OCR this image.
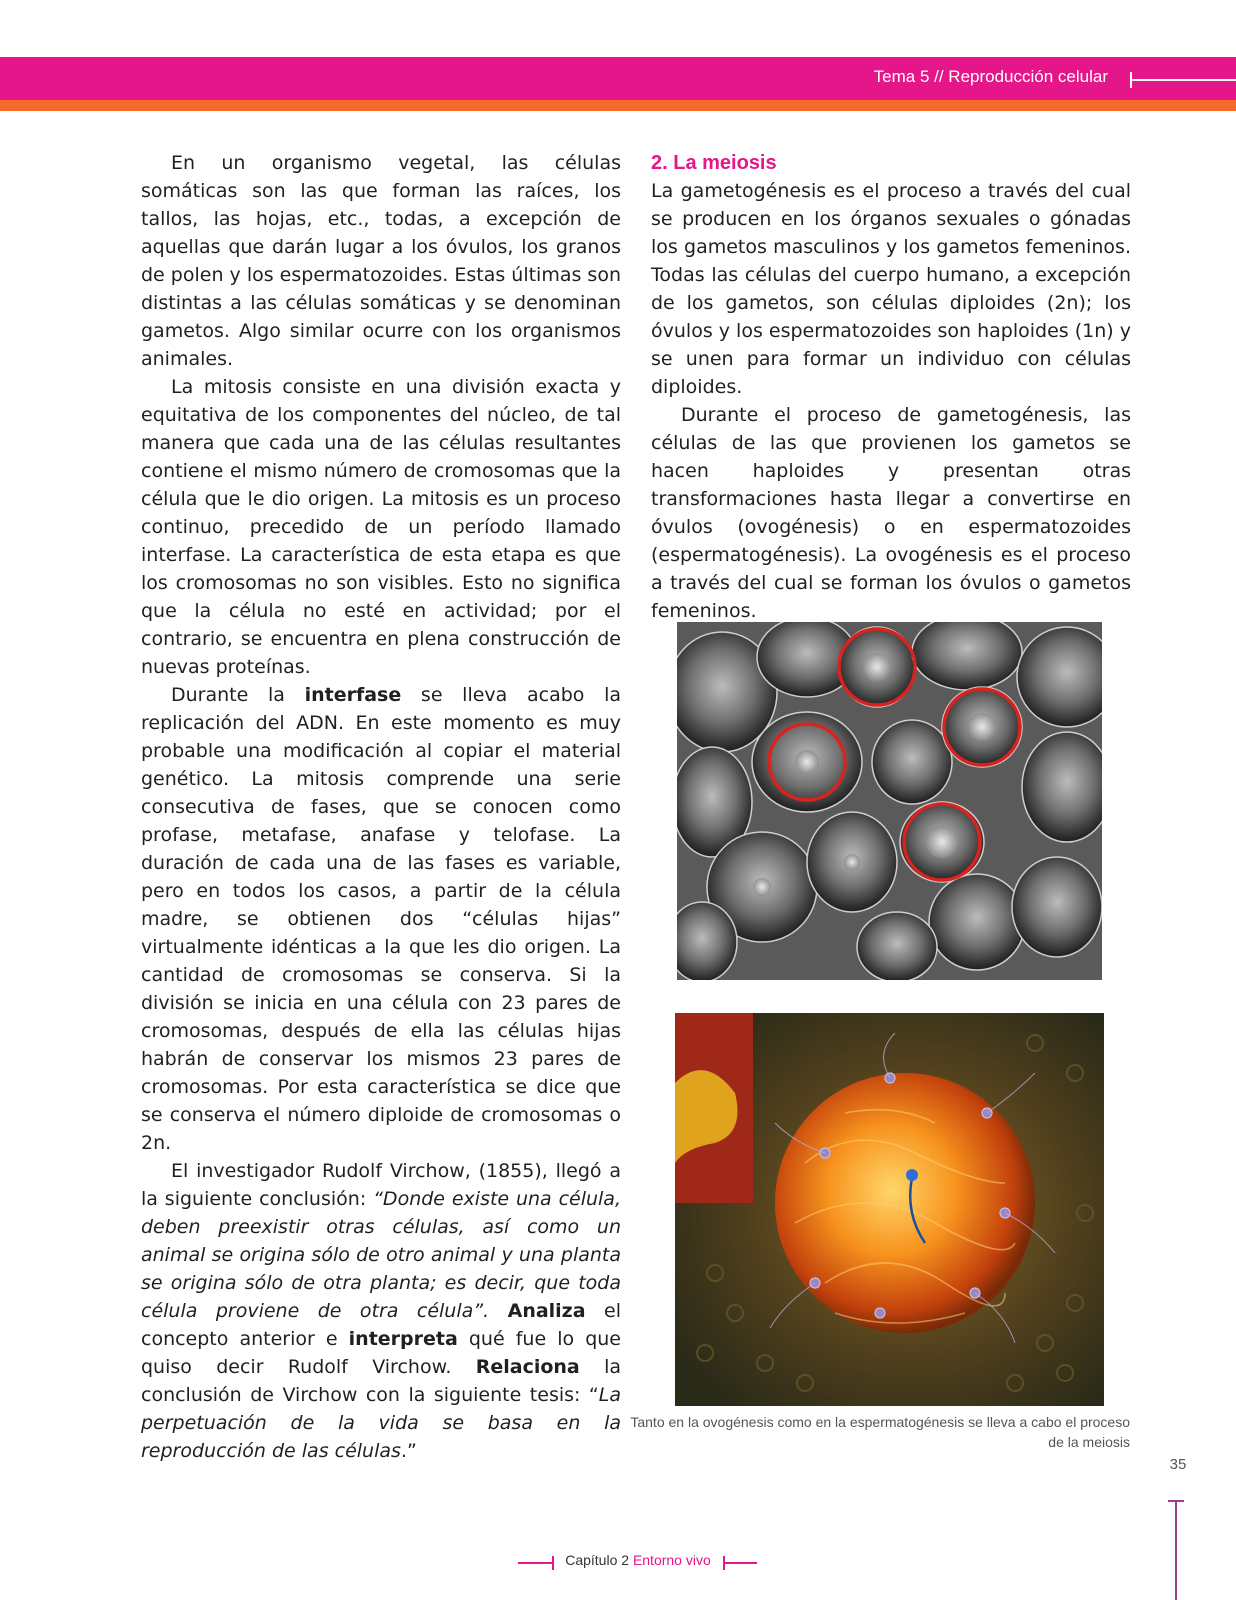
Tema 5 // Reproducción celular

En un organismo vegetal, las células somáticas son las que forman las raíces, los tallos, las hojas, etc., todas, a excepción de aquellas que darán lugar a los óvulos, los granos de polen y los espermatozoides. Estas últimas son distintas a las células somáticas y se denominan gametos. Algo similar ocurre con los organismos animales.

La mitosis consiste en una división exacta y equitativa de los componentes del núcleo, de tal manera que cada una de las células resultantes contiene el mismo número de cromosomas que la célula que le dio origen. La mitosis es un proceso continuo, precedido de un período llamado interfase. La característica de esta etapa es que los cromosomas no son visibles. Esto no significa que la célula no esté en actividad; por el contrario, se encuentra en plena construcción de nuevas proteínas.

Durante la interfase se lleva acabo la replicación del ADN. En este momento es muy probable una modificación al copiar el material genético. La mitosis comprende una serie consecutiva de fases, que se conocen como profase, metafase, anafase y telofase. La duración de cada una de las fases es variable, pero en todos los casos, a partir de la célula madre, se obtienen dos “células hijas” virtualmente idénticas a la que les dio origen. La cantidad de cromosomas se conserva. Si la división se inicia en una célula con 23 pares de cromosomas, después de ella las células hijas habrán de conservar los mismos 23 pares de cromosomas. Por esta característica se dice que se conserva el número diploide de cromosomas o 2n.

El investigador Rudolf Virchow, (1855), llegó a la siguiente conclusión: “Donde existe una célula, deben preexistir otras células, así como un animal se origina sólo de otro animal y una planta se origina sólo de otra planta; es decir, que toda célula proviene de otra célula”. Analiza el concepto anterior e interpreta qué fue lo que quiso decir Rudolf Virchow. Relaciona la conclusión de Virchow con la siguiente tesis: “La perpetuación de la vida se basa en la reproducción de las células.”

2. La meiosis

La gametogénesis es el proceso a través del cual se producen en los órganos sexuales o gónadas los gametos masculinos y los gametos femeninos. Todas las células del cuerpo humano, a excepción de los gametos, son células diploides (2n); los óvulos y los espermatozoides son haploides (1n) y se unen para formar un individuo con células diploides.

Durante el proceso de gametogénesis, las células de las que provienen los gametos se hacen haploides y presentan otras transformaciones hasta llegar a convertirse en óvulos (ovogénesis) o en espermatozoides (espermatogénesis). La ovogénesis es el proceso a través del cual se forman los óvulos o gametos femeninos.

Tanto en la ovogénesis como en la espermatogénesis se lleva a cabo el proceso de la meiosis
35
Capítulo 2 Entorno vivo
